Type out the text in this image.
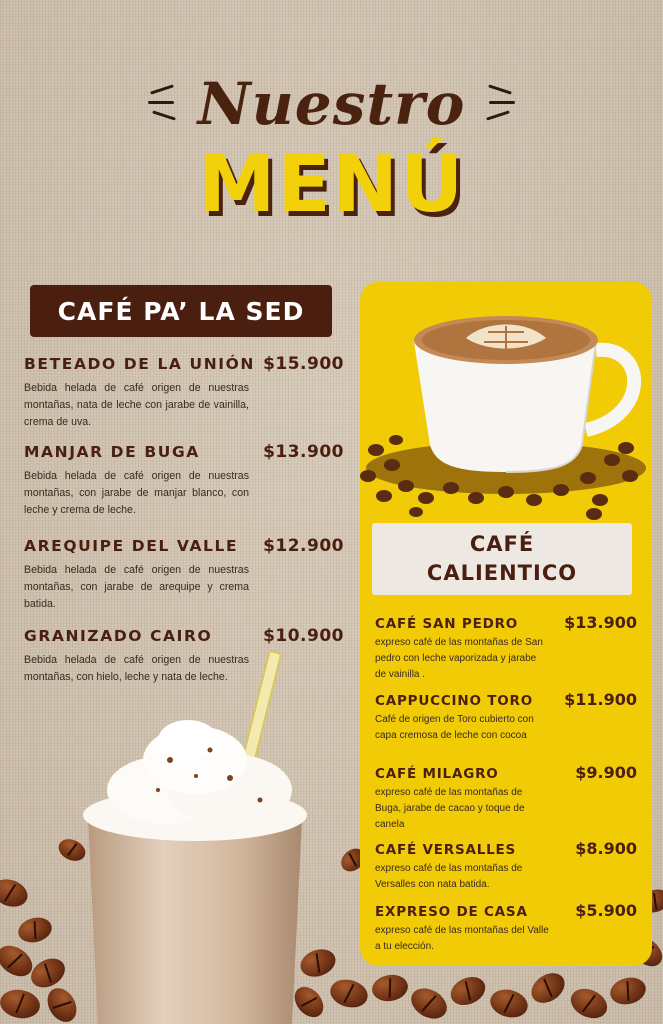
Nuestro
MENÚ
CAFÉ PA’ LA SED
BETEADO DE LA UNIÓN $15.900
Bebida helada de café origen de nuestras montañas, nata de leche con jarabe de vainilla, crema de uva.
MANJAR DE BUGA	$13.900
Bebida helada de café origen de nuestras montañas, con jarabe de manjar blanco, con leche y crema de leche.
AREQUIPE DEL VALLE $12.900
Bebida helada de café origen de nuestras montañas, con jarabe de arequipe y crema batida.
GRANIZADO CAIRO	$10.900
Bebida helada de café origen de nuestras montañas, con hielo, leche y nata de leche.
CAFÉ
CALIENTICO
CAFÉ SAN PEDRO	$13.900
expreso café de las montañas de San pedro con leche vaporizada y jarabe de vainilla .
CAPPUCCINO TORO $11.900
Café de origen de Toro cubierto con capa cremosa de leche con cocoa
CAFÉ MILAGRO	$9.900
expreso café de las montañas de Buga, jarabe de cacao y toque de canela
CAFÉ VERSALLES	$8.900
expreso café de las montañas de Versalles con nata batida.
EXPRESO DE CASA	$5.900
expreso café de las montañas del Valle a tu elección.
